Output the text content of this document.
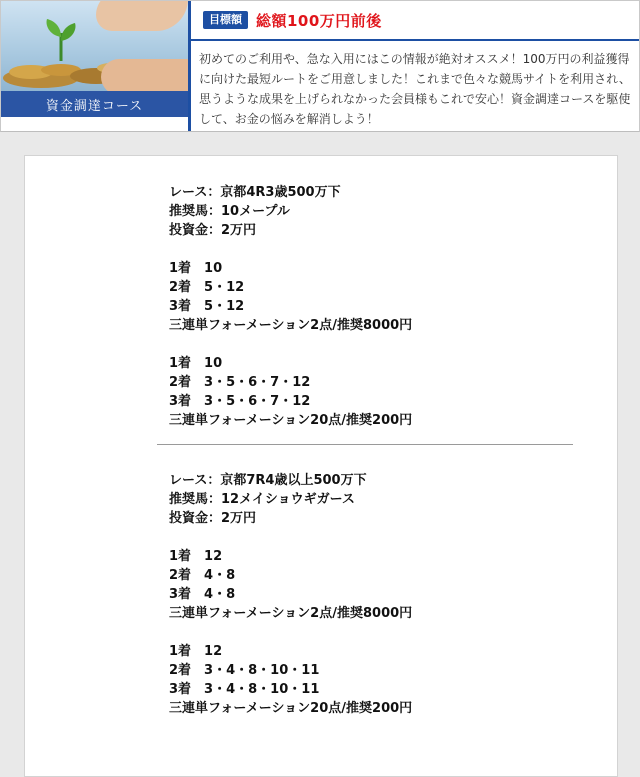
資金調達コース
目標額 総額100万円前後

初めてのご利用や、急な入用にはこの情報が絶対オススメ！100万円の利益獲得に向けた最短ルートをご用意しました！これまで色々な競馬サイトを利用され、思うような成果を上げられなかった会員様もこれで安心！資金調達コースを駆使して、お金の悩みを解消しよう！

レース：京都4R3歳500万下
推奨馬：10メープル
投資金：2万円
1着　10
2着　5・12
3着　5・12
三連単フォーメーション2点/推奨8000円
1着　10
2着　3・5・6・7・12
3着　3・5・6・7・12
三連単フォーメーション20点/推奨200円
レース：京都7R4歳以上500万下
推奨馬：12メイショウギガース
投資金：2万円
1着　12
2着　4・8
3着　4・8
三連単フォーメーション2点/推奨8000円
1着　12
2着　3・4・8・10・11
3着　3・4・8・10・11
三連単フォーメーション20点/推奨200円
